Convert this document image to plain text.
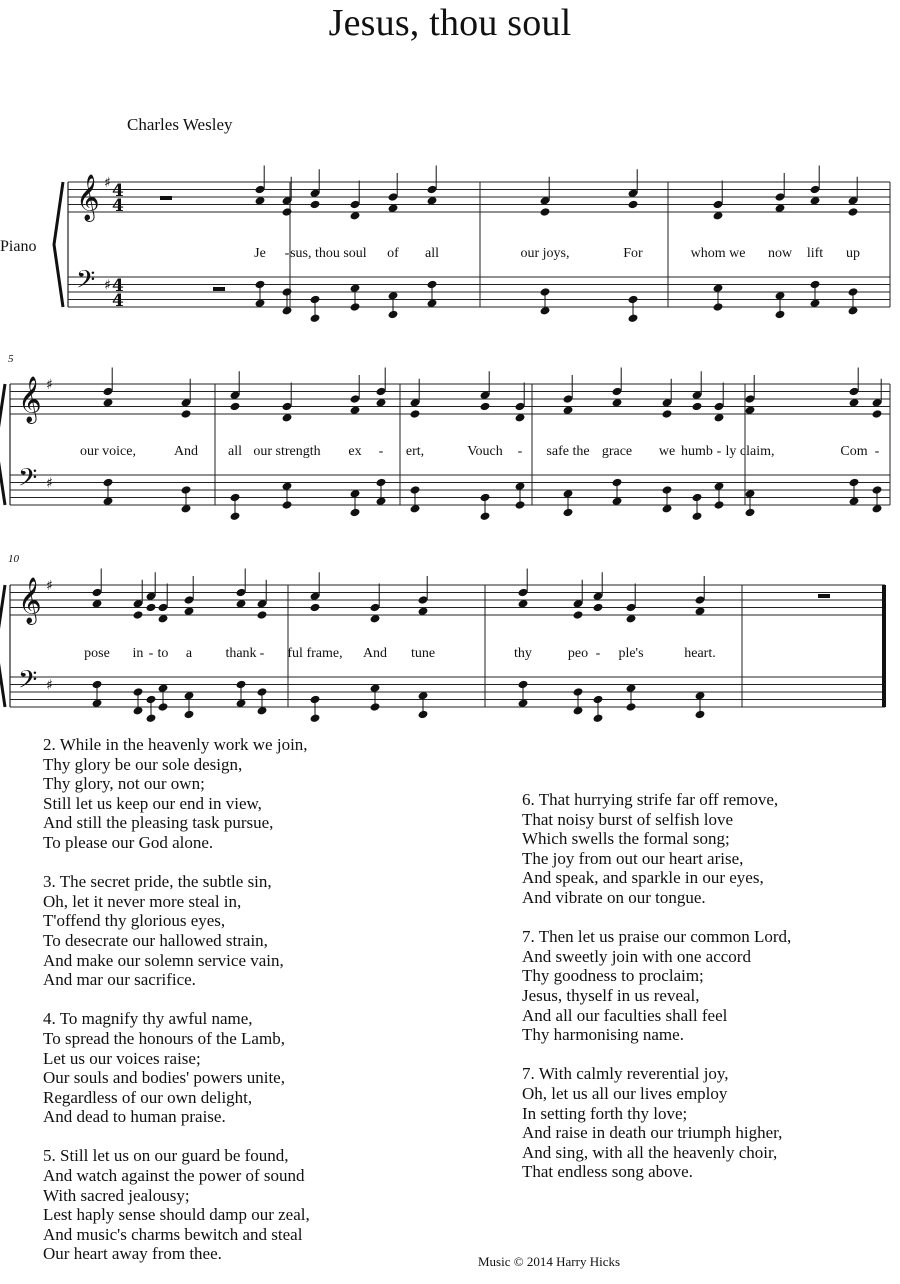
Jesus, thou soul
Charles Wesley
Piano
𝄞 ♯
4
4
𝄢 ♯
4
4
𝄞 ♯
𝄢 ♯
𝄞 ♯
𝄢 ♯
Je - sus, thou soul of all	our joys,	For	whom we now lift up
our voice,	And all our strength ex - ert,	Vouch - safe the grace we humb - ly claim,	Com -
pose in - to a thank - ful frame, And tune	thy	peo - ple's	heart.
5
10
2. While in the heavenly work we join,
Thy glory be our sole design,
Thy glory, not our own;
Still let us keep our end in view,
And still the pleasing task pursue,
To please our God alone.
3. The secret pride, the subtle sin,
Oh, let it never more steal in,
T'offend thy glorious eyes,
To desecrate our hallowed strain,
And make our solemn service vain,
And mar our sacrifice.
4. To magnify thy awful name,
To spread the honours of the Lamb,
Let us our voices raise;
Our souls and bodies' powers unite,
Regardless of our own delight,
And dead to human praise.
5. Still let us on our guard be found,
And watch against the power of sound
With sacred jealousy;
Lest haply sense should damp our zeal,
And music's charms bewitch and steal
Our heart away from thee.
6. That hurrying strife far off remove,
That noisy burst of selfish love
Which swells the formal song;
The joy from out our heart arise,
And speak, and sparkle in our eyes,
And vibrate on our tongue.
7. Then let us praise our common Lord,
And sweetly join with one accord
Thy goodness to proclaim;
Jesus, thyself in us reveal,
And all our faculties shall feel
Thy harmonising name.
7. With calmly reverential joy,
Oh, let us all our lives employ
In setting forth thy love;
And raise in death our triumph higher,
And sing, with all the heavenly choir,
That endless song above.
Music © 2014 Harry Hicks
